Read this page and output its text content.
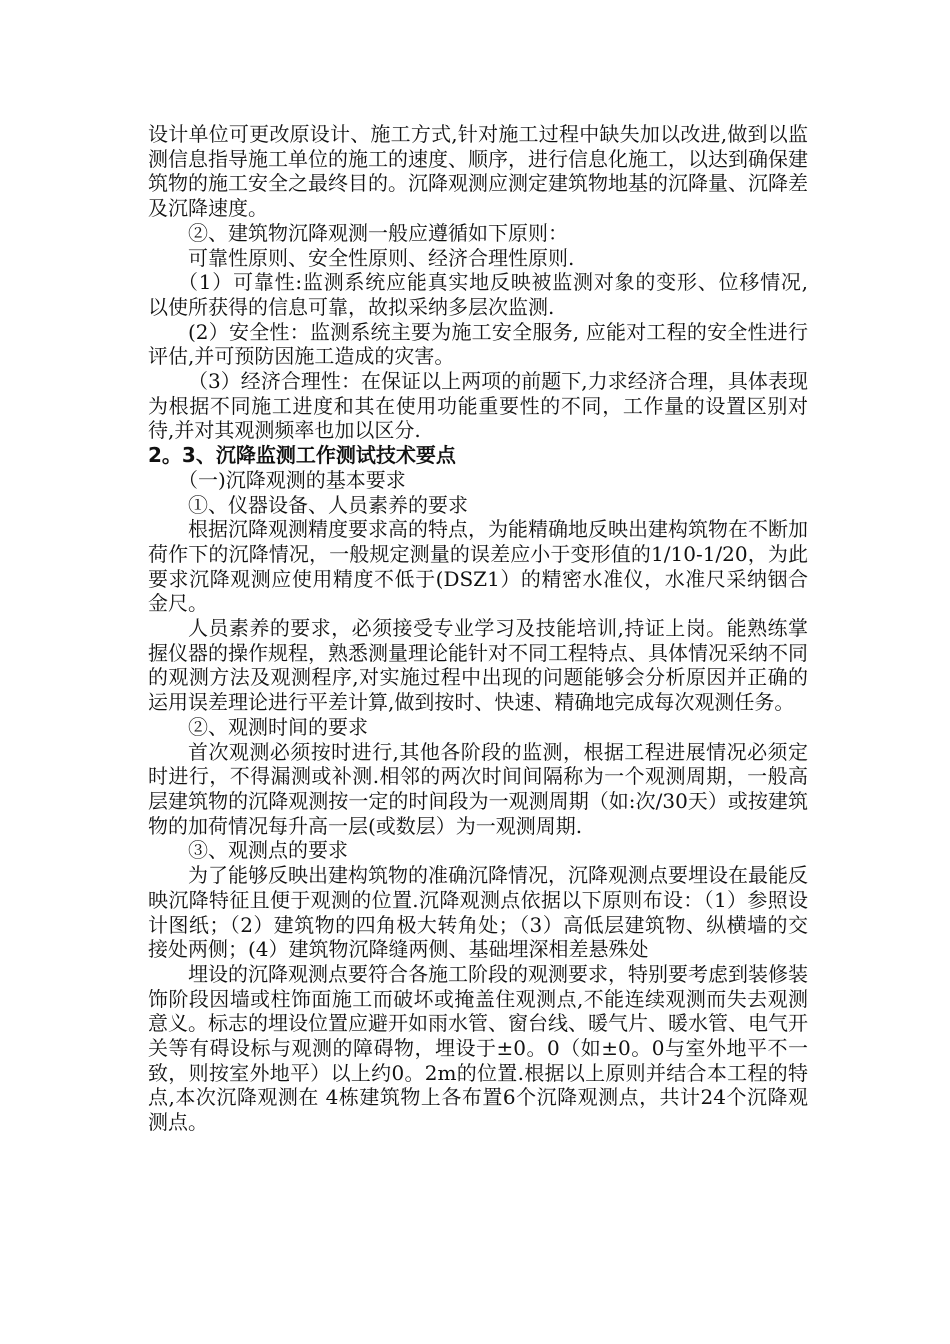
设计单位可更改原设计、施工方式,针对施工过程中缺失加以改进,做到以监测信息指导施工单位的施工的速度、顺序，进行信息化施工，以达到确保建筑物的施工安全之最终目的。沉降观测应测定建筑物地基的沉降量、沉降差及沉降速度。

②、建筑物沉降观测一般应遵循如下原则：

可靠性原则、安全性原则、经济合理性原则.

（1）可靠性:监测系统应能真实地反映被监测对象的变形、位移情况, 以使所获得的信息可靠，故拟采纳多层次监测.

(2）安全性：监测系统主要为施工安全服务, 应能对工程的安全性进行评估,并可预防因施工造成的灾害。

（3）经济合理性：在保证以上两项的前题下,力求经济合理，具体表现为根据不同施工进度和其在使用功能重要性的不同，工作量的设置区别对待,并对其观测频率也加以区分.

2。3、沉降监测工作测试技术要点

（一)沉降观测的基本要求

①、仪器设备、人员素养的要求

根据沉降观测精度要求高的特点，为能精确地反映出建构筑物在不断加荷作下的沉降情况，一般规定测量的误差应小于变形值的1/10-1/20，为此要求沉降观测应使用精度不低于(DSZ1）的精密水准仪，水准尺采纳铟合金尺。

人员素养的要求，必须接受专业学习及技能培训,持证上岗。能熟练掌握仪器的操作规程，熟悉测量理论能针对不同工程特点、具体情况采纳不同的观测方法及观测程序,对实施过程中出现的问题能够会分析原因并正确的运用误差理论进行平差计算,做到按时、快速、精确地完成每次观测任务。

②、观测时间的要求

首次观测必须按时进行,其他各阶段的监测，根据工程进展情况必须定时进行，不得漏测或补测.相邻的两次时间间隔称为一个观测周期，一般高层建筑物的沉降观测按一定的时间段为一观测周期（如:次/30天）或按建筑物的加荷情况每升高一层(或数层）为一观测周期.

③、观测点的要求

为了能够反映出建构筑物的准确沉降情况，沉降观测点要埋设在最能反映沉降特征且便于观测的位置.沉降观测点依据以下原则布设：（1）参照设计图纸；（2）建筑物的四角极大转角处；（3）高低层建筑物、纵横墙的交接处两侧；(4）建筑物沉降缝两侧、基础埋深相差悬殊处

埋设的沉降观测点要符合各施工阶段的观测要求，特别要考虑到装修装饰阶段因墙或柱饰面施工而破坏或掩盖住观测点,不能连续观测而失去观测意义。标志的埋设位置应避开如雨水管、窗台线、暖气片、暖水管、电气开关等有碍设标与观测的障碍物，埋设于±0。0（如±0。0与室外地平不一致，则按室外地平）以上约0。2m的位置.根据以上原则并结合本工程的特点,本次沉降观测在 4栋建筑物上各布置6个沉降观测点，共计24个沉降观测点。
